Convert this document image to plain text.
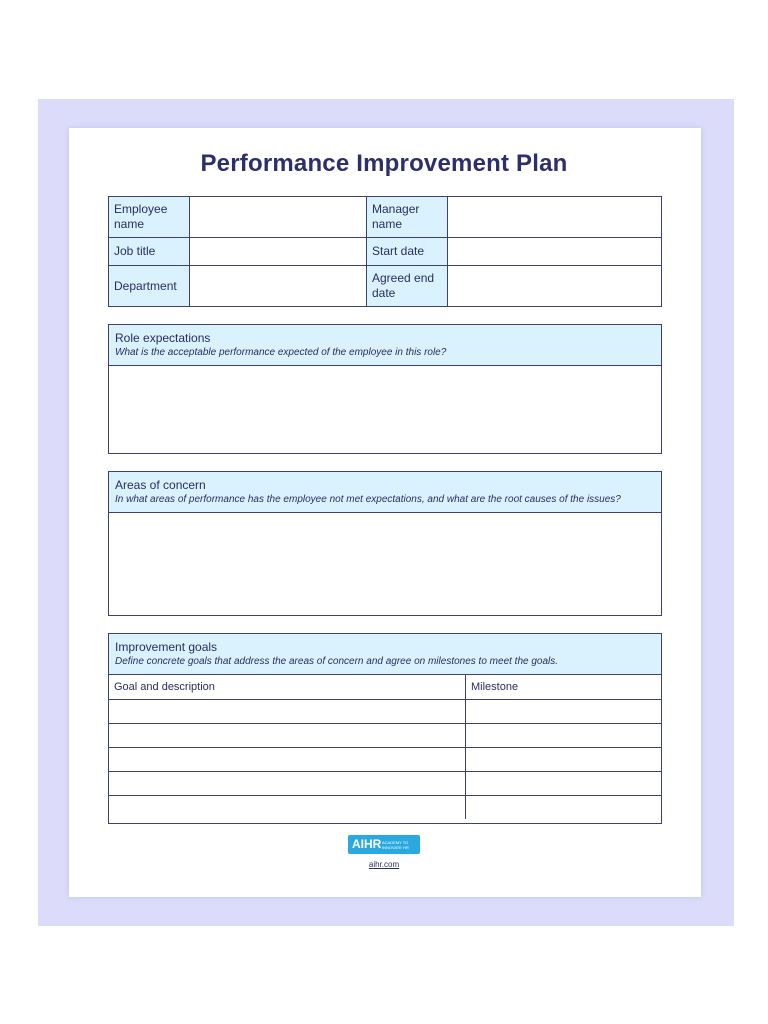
Performance Improvement Plan
Employee name		Manager name	
Job title		Start date	
Department		Agreed end date	
Role expectations
What is the acceptable performance expected of the employee in this role?
Areas of concern
In what areas of performance has the employee not met expectations, and what are the root causes of the issues?
Improvement goals
Define concrete goals that address the areas of concern and agree on milestones to meet the goals.
Goal and description	Milestone

AIHR ACADEMY TO INNOVATE HR
aihr.com
